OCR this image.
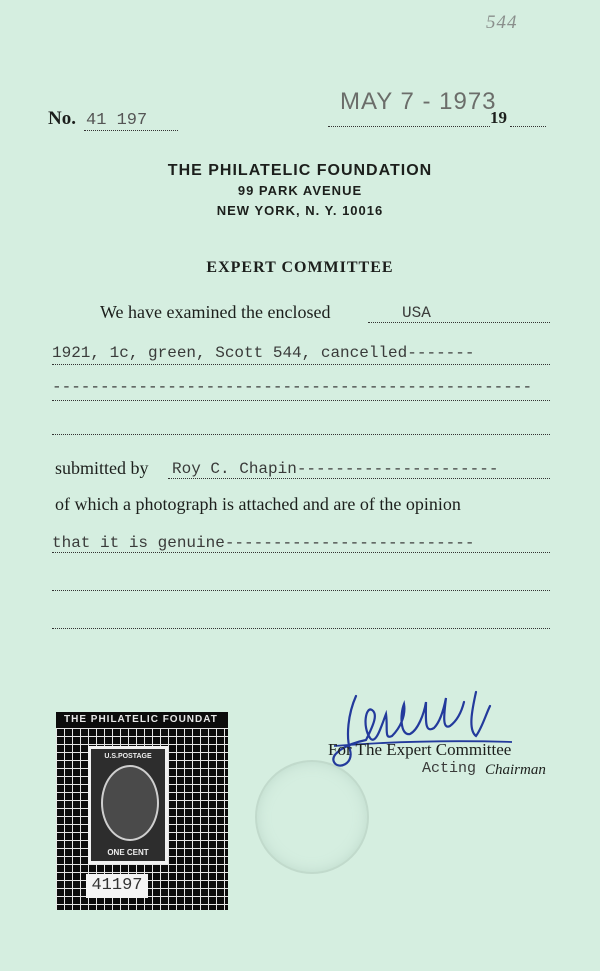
544
No. 41 197
MAY 7 - 1973
19
THE PHILATELIC FOUNDATION
99 PARK AVENUE
NEW YORK, N. Y. 10016
EXPERT COMMITTEE
We have examined the enclosed	USA
1921, 1c, green, Scott 544, cancelled-------
--------------------------------------------------
submitted by Roy C. Chapin---------------------
of which a photograph is attached and are of the opinion
that it is genuine--------------------------
For The Expert Committee
Acting Chairman
THE PHILATELIC FOUNDAT
U.S.POSTAGE
ONE CENT
41197
